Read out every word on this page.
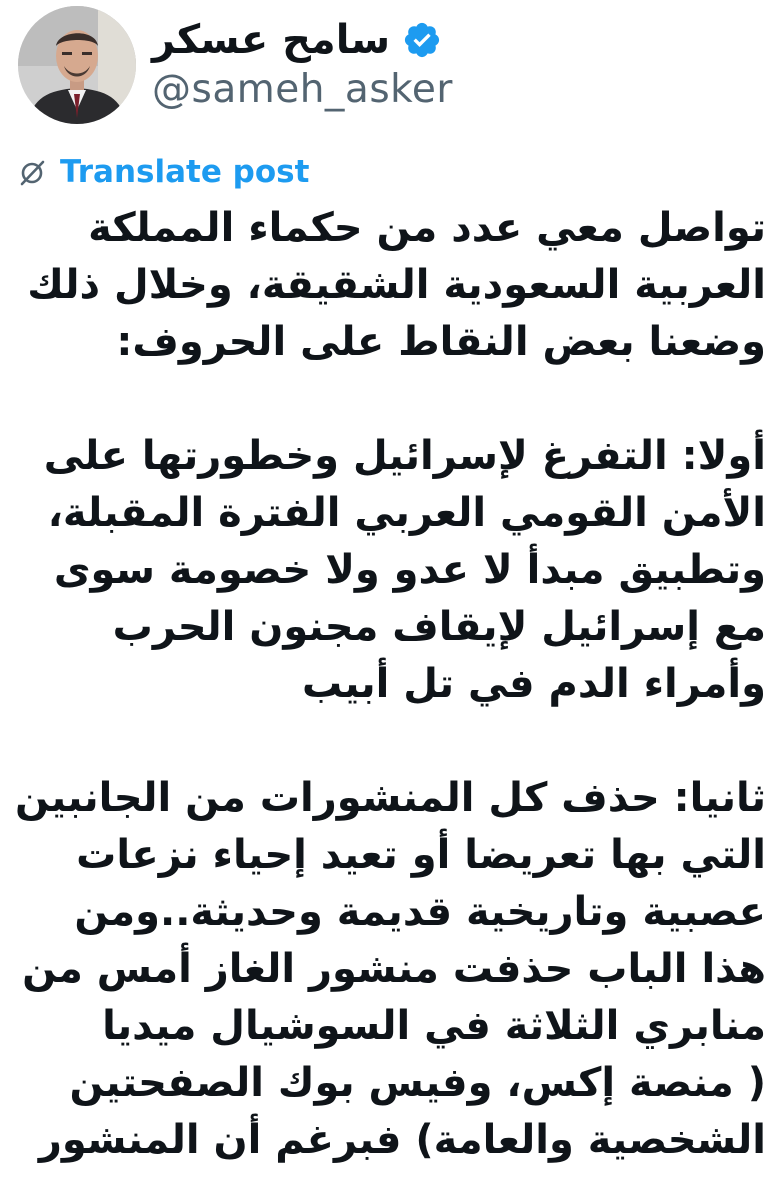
سامح عسكر
@sameh_asker
Translate post

تواصل معي عدد من حكماء المملكة
العربية السعودية الشقيقة، وخلال ذلك
وضعنا بعض النقاط على الحروف:

أولا: التفرغ لإسرائيل وخطورتها على
الأمن القومي العربي الفترة المقبلة،
وتطبيق مبدأ لا عدو ولا خصومة سوى
مع إسرائيل لإيقاف مجنون الحرب
وأمراء الدم في تل أبيب

ثانيا: حذف كل المنشورات من الجانبين
التي بها تعريضا أو تعيد إحياء نزعات
عصبية وتاريخية قديمة وحديثة..ومن
هذا الباب حذفت منشور الغاز أمس من
منابري الثلاثة في السوشيال ميديا
( منصة إكس، وفيس بوك الصفحتين
الشخصية والعامة) فبرغم أن المنشور
